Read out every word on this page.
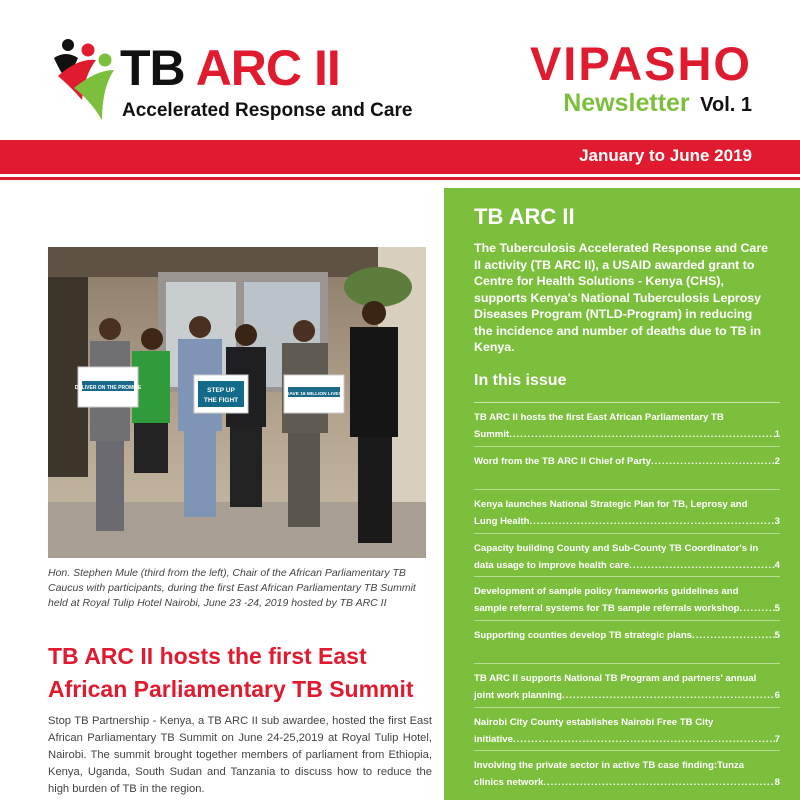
TB ARC II
Accelerated Response and Care
VIPASHO
Newsletter Vol. 1
January to June 2019
DELIVER ON THE PROMISE	STEP UP
THE FIGHT
SAVE 16 MILLION LIVES
Hon. Stephen Mule (third from the left), Chair of the African Parliamentary TB Caucus with participants, during the first East African Parliamentary TB Summit held at Royal Tulip Hotel Nairobi, June 23 -24, 2019 hosted by TB ARC II
TB ARC II hosts the first East African Parliamentary TB Summit
Stop TB Partnership - Kenya, a TB ARC II sub awardee, hosted the first East African Parliamentary TB Summit on June 24-25,2019 at Royal Tulip Hotel, Nairobi. The summit brought together members of parliament from Ethiopia, Kenya, Uganda, South Sudan and Tanzania to discuss how to reduce the high burden of TB in the region.
TB ARC II
The Tuberculosis Accelerated Response and Care II activity (TB ARC II), a USAID awarded grant to Centre for Health Solutions - Kenya (CHS), supports Kenya's National Tuberculosis Leprosy Diseases Program (NTLD-Program) in reducing the incidence and number of deaths due to TB in Kenya.
In this issue
TB ARC II hosts the first East African Parliamentary TB
Summit .....	1
Word from the TB ARC II Chief of Party .....	2
Kenya launches National Strategic Plan for TB, Leprosy and
Lung Health .....	3
Capacity building County and Sub-County TB Coordinator's in
data usage to improve health care .....	4
Development of sample policy frameworks guidelines and
sample referral systems for TB sample referrals workshop .....	5
Supporting counties develop TB strategic plans .....	5
TB ARC II supports National TB Program and partners' annual
joint work planning .....	6
Nairobi City County establishes Nairobi Free TB City
initiative .....	7
Involving the private sector in active TB case finding:Tunza
clinics network .....	8
